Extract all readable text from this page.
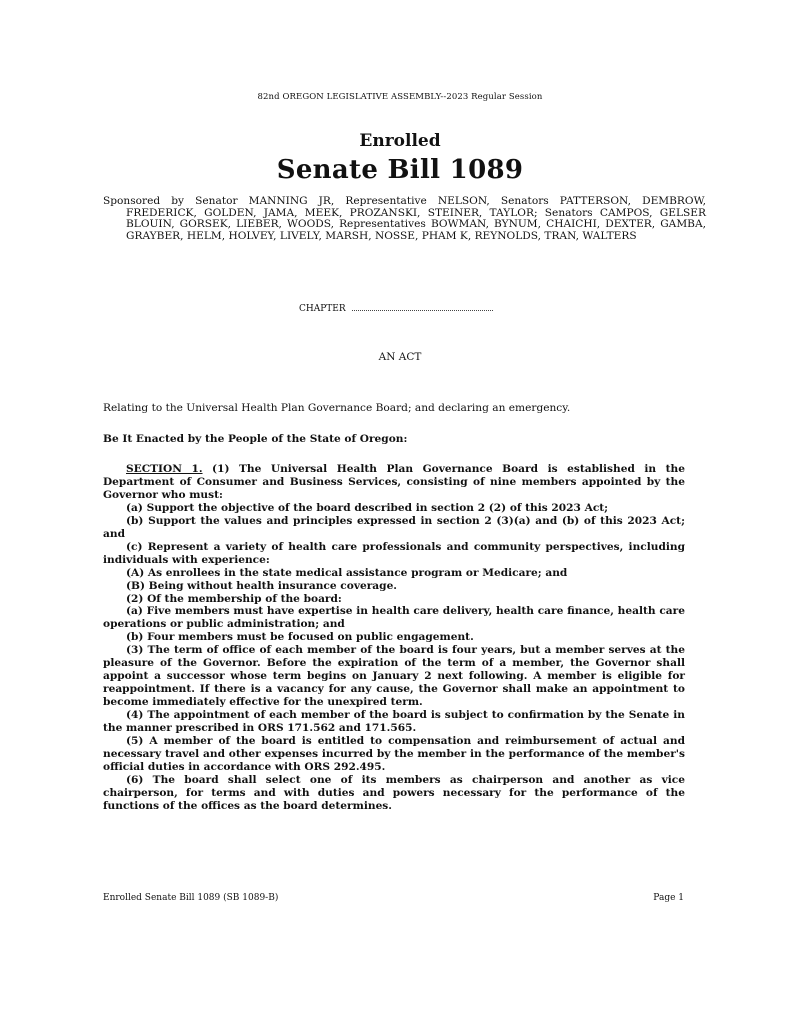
82nd OREGON LEGISLATIVE ASSEMBLY--2023 Regular Session
Enrolled
Senate Bill 1089
Sponsored by Senator MANNING JR, Representative NELSON, Senators PATTERSON, DEMBROW, FREDERICK, GOLDEN, JAMA, MEEK, PROZANSKI, STEINER, TAYLOR; Senators CAMPOS, GELSER BLOUIN, GORSEK, LIEBER, WOODS, Representatives BOWMAN, BYNUM, CHAICHI, DEXTER, GAMBA, GRAYBER, HELM, HOLVEY, LIVELY, MARSH, NOSSE, PHAM K, REYNOLDS, TRAN, WALTERS
CHAPTER
AN ACT
Relating to the Universal Health Plan Governance Board; and declaring an emergency.
Be It Enacted by the People of the State of Oregon:

SECTION 1. (1) The Universal Health Plan Governance Board is established in the Department of Consumer and Business Services, consisting of nine members appointed by the Governor who must:

(a) Support the objective of the board described in section 2 (2) of this 2023 Act;

(b) Support the values and principles expressed in section 2 (3)(a) and (b) of this 2023 Act; and

(c) Represent a variety of health care professionals and community perspectives, including individuals with experience:

(A) As enrollees in the state medical assistance program or Medicare; and

(B) Being without health insurance coverage.

(2) Of the membership of the board:

(a) Five members must have expertise in health care delivery, health care finance, health care operations or public administration; and

(b) Four members must be focused on public engagement.

(3) The term of office of each member of the board is four years, but a member serves at the pleasure of the Governor. Before the expiration of the term of a member, the Governor shall appoint a successor whose term begins on January 2 next following. A member is eligible for reappointment. If there is a vacancy for any cause, the Governor shall make an appointment to become immediately effective for the unexpired term.

(4) The appointment of each member of the board is subject to confirmation by the Senate in the manner prescribed in ORS 171.562 and 171.565.

(5) A member of the board is entitled to compensation and reimbursement of actual and necessary travel and other expenses incurred by the member in the performance of the member's official duties in accordance with ORS 292.495.

(6) The board shall select one of its members as chairperson and another as vice chairperson, for terms and with duties and powers necessary for the performance of the functions of the offices as the board determines.

Enrolled Senate Bill 1089 (SB 1089-B)	Page 1
